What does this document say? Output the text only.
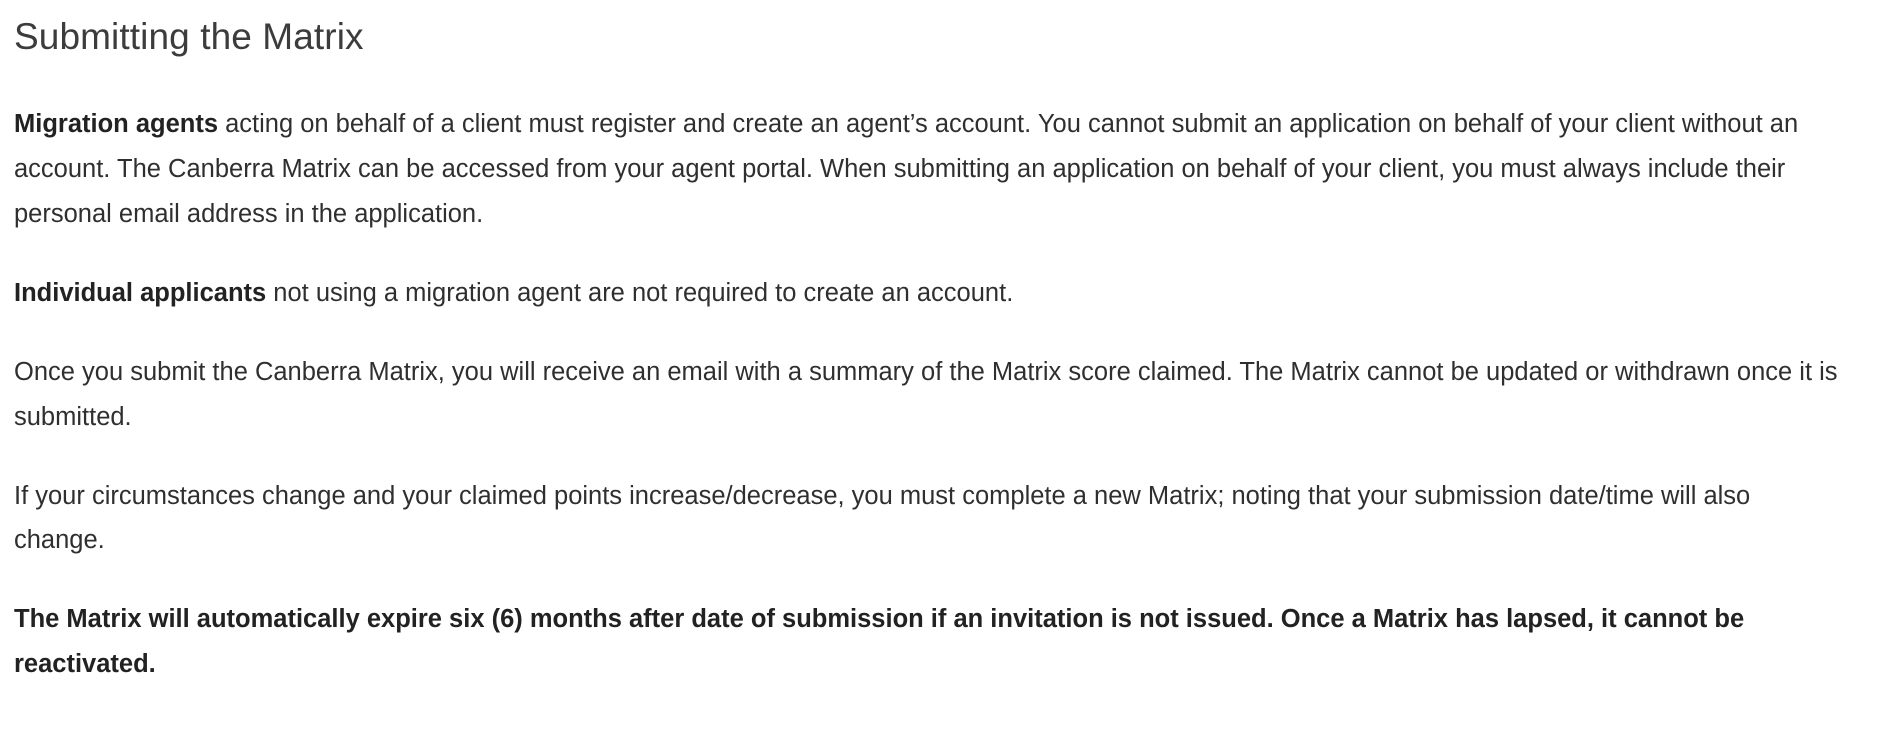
Submitting the Matrix

Migration agents acting on behalf of a client must register and create an agent’s account. You cannot submit an application on behalf of your client without an account. The Canberra Matrix can be accessed from your agent portal. When submitting an application on behalf of your client, you must always include their personal email address in the application.

Individual applicants not using a migration agent are not required to create an account.

Once you submit the Canberra Matrix, you will receive an email with a summary of the Matrix score claimed. The Matrix cannot be updated or withdrawn once it is submitted.

If your circumstances change and your claimed points increase/decrease, you must complete a new Matrix; noting that your submission date/time will also change.

The Matrix will automatically expire six (6) months after date of submission if an invitation is not issued. Once a Matrix has lapsed, it cannot be reactivated.
